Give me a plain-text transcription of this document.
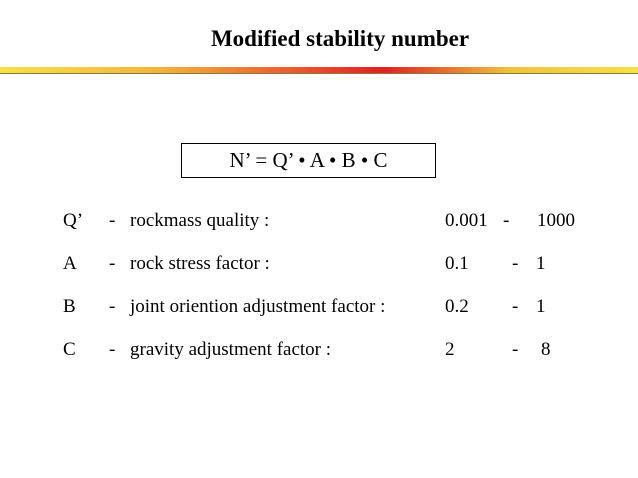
Modified stability number
N’ = Q’ • A • B • C
Q’ - rockmass quality :	0.001 - 1000
A - rock stress factor :	0.1 - 1
B - joint oriention adjustment factor :	0.2 - 1
C - gravity adjustment factor :	2	- 8
